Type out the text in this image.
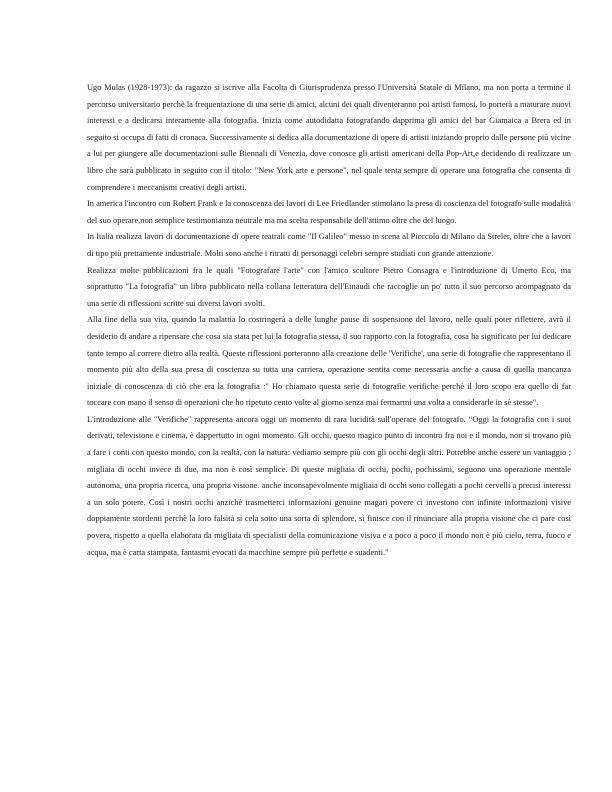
Ugo Mulas (1928-1973): da ragazzo si iscrive alla Facolta di Giurisprudenza presso l'Università Statale di Milano, ma non porta a termine il percorso universitario perchè la frequentazione di una serie di amici, alcuni dei quali diventeranno poi artisti famosi, lo porterà a maturare nuovi interessi e a dedicarsi interamente alla fotografia. Inizia come autodidatta fotografando dapprima gli amici del bar Giamaica a Brera ed in seguito si occupa di fatti di cronaca. Successivamente si dedica alla documentazione di opere di artisti iniziando proprio dalle persone più vicine a lui per giungere alle documentazioni sulle Biennali di Venezia, dove conosce gli artisti americani della Pop-Art,e decidendo di realizzare un libro che sarà pubblicato in seguito con il titolo: "New York arte e persone", nel quale tenta sempre di operare una fotografia che consenta di comprendere i meccanismi creativi degli artisti.

In america l'incontro con Robert Frank e la conoscenza dei lavori di Lee Friedlander stimolano la presa di coscienza del fotografo sulle modalità del suo operare,non semplice testimonianza neutrale ma ma scelta responsabile dell'attimo oltre che del luogo.

In Italia realizza lavori di documentazione di opere teatrali come "Il Galileo" messo in scena al Picccolo di Milano da Streler, oltre che a lavori di tipo più prettamente industriale. Molti sono anche i ritratti di personaggi celebri sempre studiati con grande attenzione.

Realizza molte pubblicazioni fra le quali "Fotografare l'arte" con l'amico scultore Pietro Consagra e l'introduzione di Umerto Eco, ma soprattutto "La fotografia" un libro pubblicato nella collana letteratura dell'Einaudi che raccoglie un po' tutto il suo percorso acompagnato da una serie di riflessioni scritte sui diversi lavori svolti.

Alla fine della sua vita, quando la malattia lo costringerà a delle lunghe pause di sospensione del lavoro, nelle quali poter riflettere, avrà il desiderio di andare a ripensare che cosa sia stata per lui la fotografia stessa, il suo rapporto con la fotografia, cosa ha significato per lui dedicare tanto tempo al correre dietro alla realtà. Queste riflessioni porteranno alla creazione delle 'Verifiche', una serie di fotografie che rappresentano il momento più alto della sua presa di coscienza su tutta una carriera, operazione sentita come necessaria anche a causa di quella mancanza iniziale di conoscenza di ciò che era la fotografia :" Ho chiamato questa serie di fotografie verifiche perchè il loro scopo era quello di far toccare con mano il senso di operazioni che ho ripetuto cento volte al giorno senza mai fermarmi una volta a considerarle in sè stesse".

L'introduzione alle "Verifiche" rappresenta ancora oggi un momento di rara lucidità sull'operare del fotografo. “Oggi la fotografia con i suoi derivati, televisione e cinema, è dappertutto in ogni momento. Gli occhi, questo magico punto di incontro fra noi e il mondo, non si trovano più a fare i conti con questo mondo, con la realtà, con la natura: vediamo sempre più con gli occhi degli altri. Potrebbe anche essere un vantaggio ; migliaia di occhi invece di due, ma non è così semplice. Di queste migliaia di occhi, pochi, pochissimi, seguono una operazione mentale autonoma, una propria ricerca, una propria visione. anche inconsapevolmente migliaia di occhi sono collegati a pochi cervelli a precisi interessi a un solo potere. Così i nostri occhi anzichè trasmetterci informazioni genuine magari povere ci investono con infinite informazioni visive doppiamente stordenti perchè la loro falsità si cela sotto una sorta di splendore, si finisce con il rinunciare alla propria visione che ci pare così povera, rispetto a quella elaborata da migliaia di specialisti della comunicazione visiva e a poco a poco il mondo non è più cielo, terra, fuoco e acqua, ma è carta stampata, fantasmi evocati da macchine sempre più perfette e suadenti."
